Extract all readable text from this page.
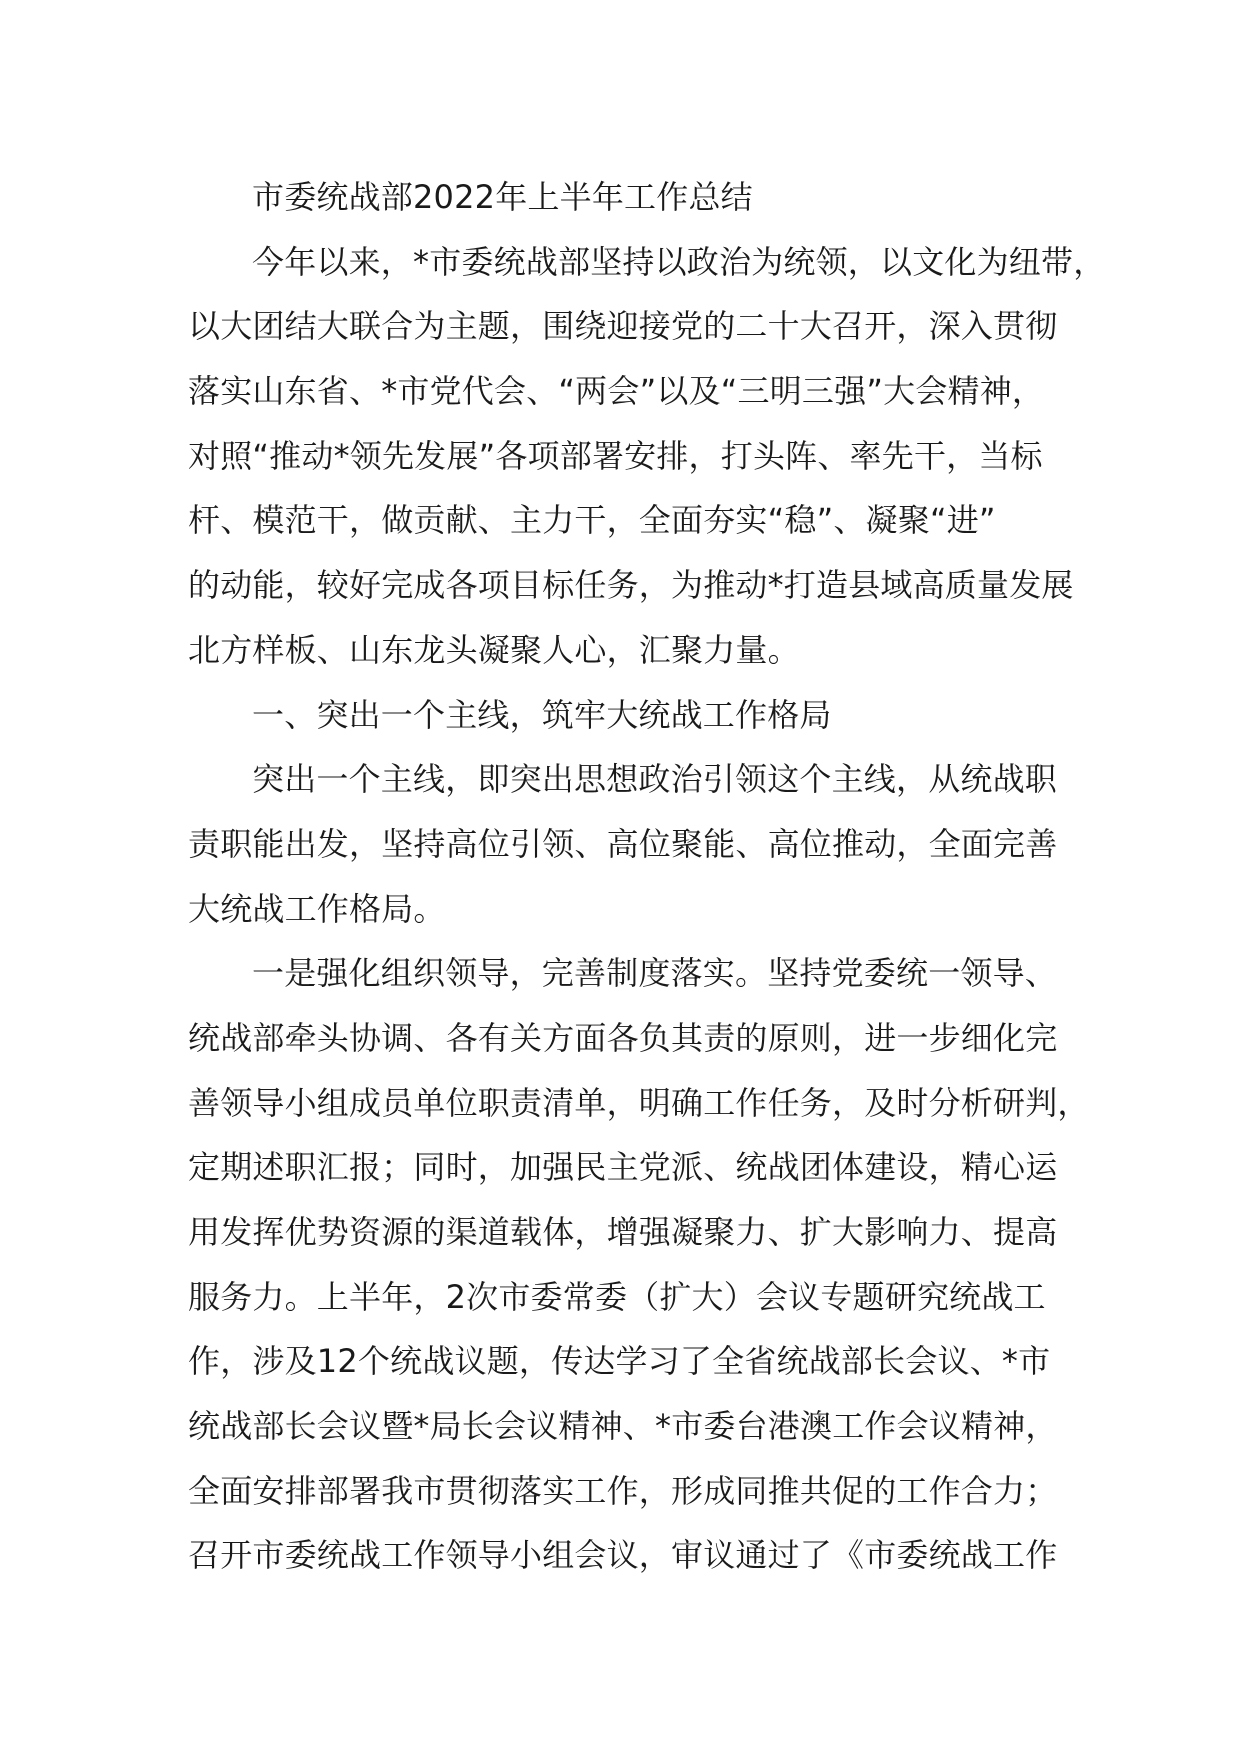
市委统战部2022年上半年工作总结
今年以来，*市委统战部坚持以政治为统领，以文化为纽带，
以大团结大联合为主题，围绕迎接党的二十大召开，深入贯彻
落实山东省、*市党代会、“两会”以及“三明三强”大会精神，
对照“推动*领先发展”各项部署安排，打头阵、率先干，当标
杆、模范干，做贡献、主力干，全面夯实“稳”、凝聚“进”
的动能，较好完成各项目标任务，为推动*打造县域高质量发展
北方样板、山东龙头凝聚人心，汇聚力量。
一、突出一个主线，筑牢大统战工作格局
突出一个主线，即突出思想政治引领这个主线，从统战职
责职能出发，坚持高位引领、高位聚能、高位推动，全面完善
大统战工作格局。
一是强化组织领导，完善制度落实。坚持党委统一领导、
统战部牵头协调、各有关方面各负其责的原则，进一步细化完
善领导小组成员单位职责清单，明确工作任务，及时分析研判，
定期述职汇报；同时，加强民主党派、统战团体建设，精心运
用发挥优势资源的渠道载体，增强凝聚力、扩大影响力、提高
服务力。上半年，2次市委常委（扩大）会议专题研究统战工
作，涉及12个统战议题，传达学习了全省统战部长会议、*市
统战部长会议暨*局长会议精神、*市委台港澳工作会议精神，
全面安排部署我市贯彻落实工作，形成同推共促的工作合力；
召开市委统战工作领导小组会议，审议通过了《市委统战工作
